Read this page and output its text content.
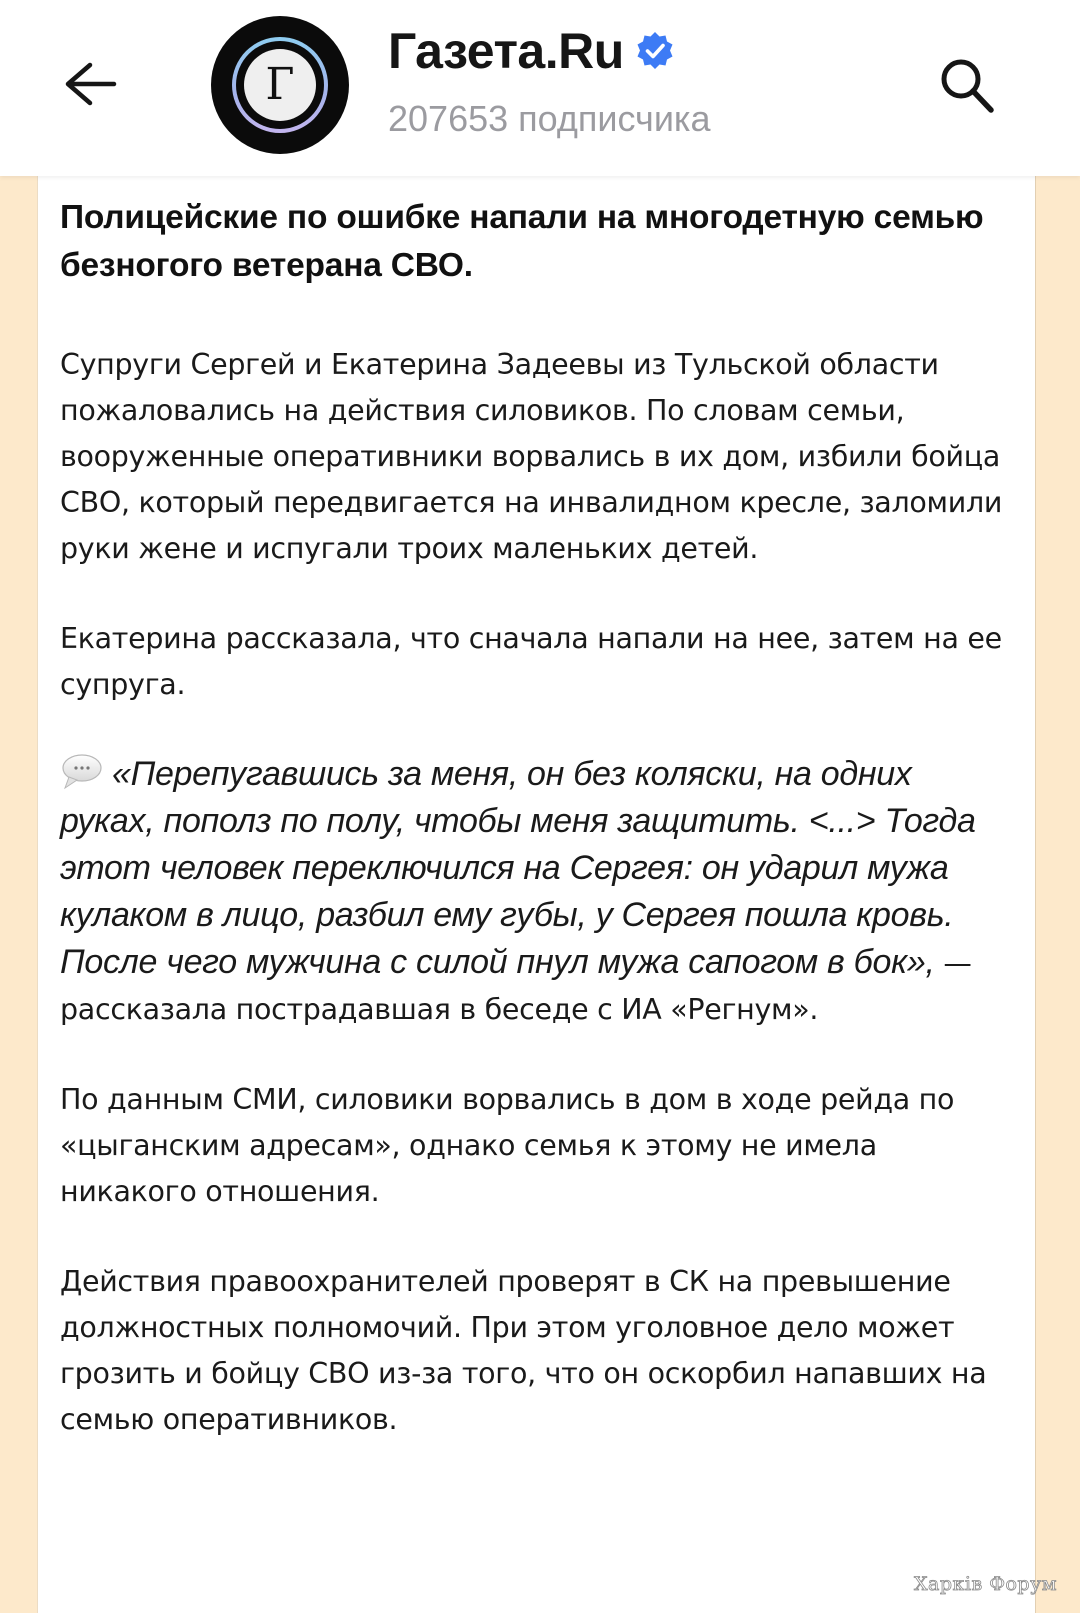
Г
Газета.Ru
207653 подписчика

Полицейские по ошибке напали на многодетную семью безногого ветерана СВО.

Супруги Сергей и Екатерина Задеевы из Тульской области пожаловались на действия силовиков. По словам семьи, вооруженные оперативники ворвались в их дом, избили бойца СВО, который передвигается на инвалидном кресле, заломили руки жене и испугали троих маленьких детей.

Екатерина рассказала, что сначала напали на нее, затем на ее супруга.

«Перепугавшись за меня, он без коляски, на одних руках, пополз по полу, чтобы меня защитить. <...> Тогда этот человек переключился на Сергея: он ударил мужа кулаком в лицо, разбил ему губы, у Сергея пошла кровь. После чего мужчина с силой пнул мужа сапогом в бок», — рассказала пострадавшая в беседе с ИА «Регнум».

По данным СМИ, силовики ворвались в дом в ходе рейда по «цыганским адресам», однако семья к этому не имела никакого отношения.

Действия правоохранителей проверят в СК на превышение должностных полномочий. При этом уголовное дело может грозить и бойцу СВО из-за того, что он оскорбил напавших на семью оперативников.

Харків Форум
